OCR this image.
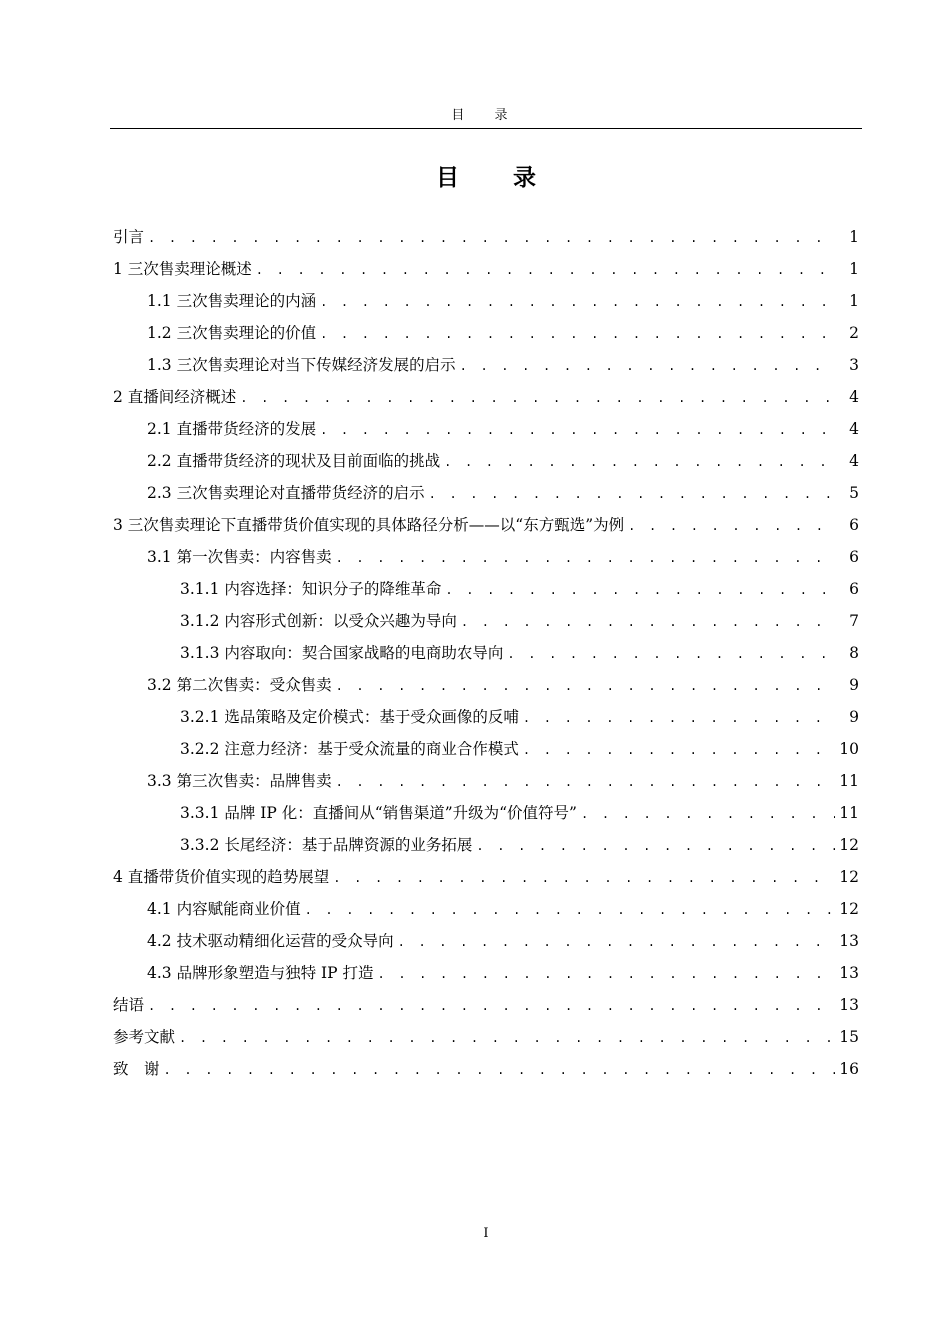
目 录
目 录
引言 . . .	1
1 三次售卖理论概述 . . .	1
1.1 三次售卖理论的内涵 . . .	1
1.2 三次售卖理论的价值 . . .	2
1.3 三次售卖理论对当下传媒经济发展的启示 . . .	3
2 直播间经济概述 . . .	4
2.1 直播带货经济的发展 . . .	4
2.2 直播带货经济的现状及目前面临的挑战 . . .	4
2.3 三次售卖理论对直播带货经济的启示 . . .	5
3 三次售卖理论下直播带货价值实现的具体路径分析——以“东方甄选”为例 . . .	6
3.1 第一次售卖：内容售卖 . . .	6
3.1.1 内容选择：知识分子的降维革命 . . .	6
3.1.2 内容形式创新：以受众兴趣为导向 . . .	7
3.1.3 内容取向：契合国家战略的电商助农导向 . . .	8
3.2 第二次售卖：受众售卖 . . .	9
3.2.1 选品策略及定价模式：基于受众画像的反哺 . . .	9
3.2.2 注意力经济：基于受众流量的商业合作模式 . . .	10
3.3 第三次售卖：品牌售卖 . . .	11
3.3.1 品牌 IP 化：直播间从“销售渠道”升级为“价值符号” . . .	11
3.3.2 长尾经济：基于品牌资源的业务拓展 . . .	12
4 直播带货价值实现的趋势展望 . . .	12
4.1 内容赋能商业价值 . . .	12
4.2 技术驱动精细化运营的受众导向 . . .	13
4.3 品牌形象塑造与独特 IP 打造 . . .	13
结语 . . .	13
参考文献 . . .	15
致　谢 . . .	16
I
